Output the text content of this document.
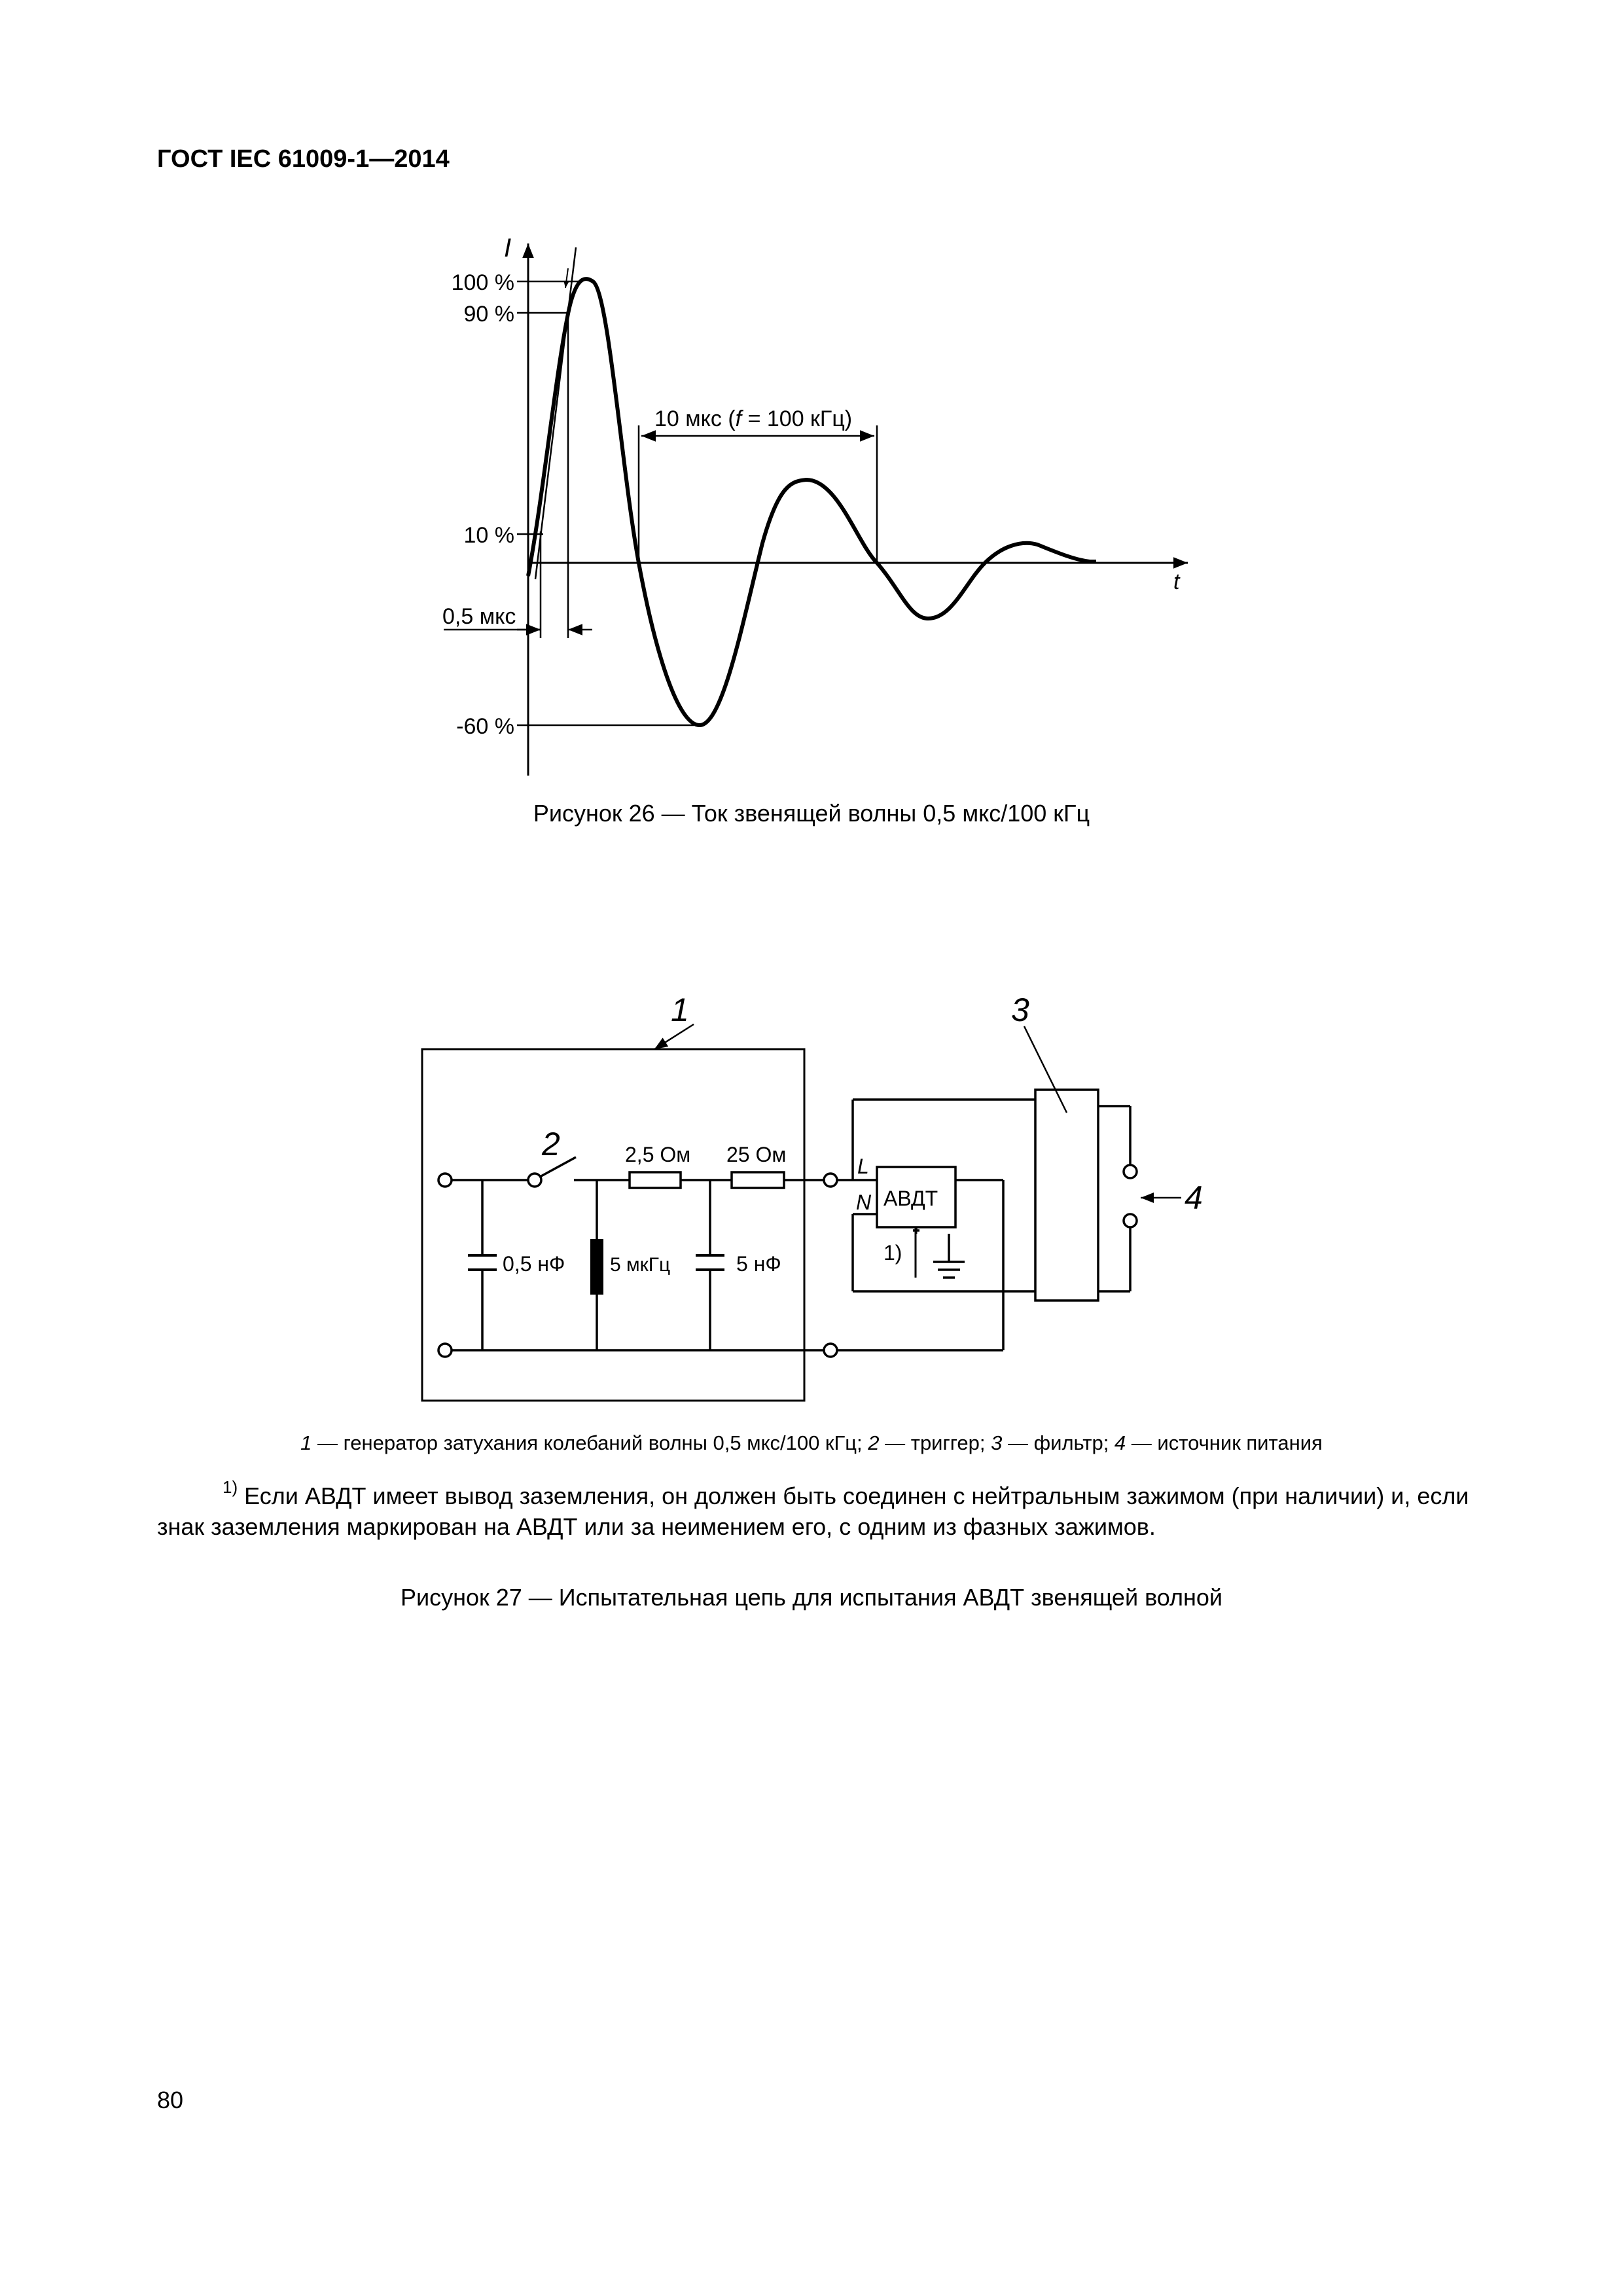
ГОСТ IEC 61009-1—2014
I
t
100 %
90 %
10 %
0,5 мкс
-60 %
10 мкс (f = 100 кГц)
Рисунок 26 — Ток звенящей волны 0,5 мкс/100 кГц
1
2
3
4
2,5 Ом 25 Ом
0,5 нФ 5 мкГц	5 нФ
АВДТ
L
N
1)
1 — генератор затухания колебаний волны 0,5 мкс/100 кГц; 2 — триггер; 3 — фильтр; 4 — источник питания
$^{1)}$ Если АВДТ имеет вывод заземления, он должен быть соединен с нейтральным зажимом (при наличии) и, если знак заземления маркирован на АВДТ или за неимением его, с одним из фазных зажимов.
Рисунок 27 — Испытательная цепь для испытания АВДТ звенящей волной
80
